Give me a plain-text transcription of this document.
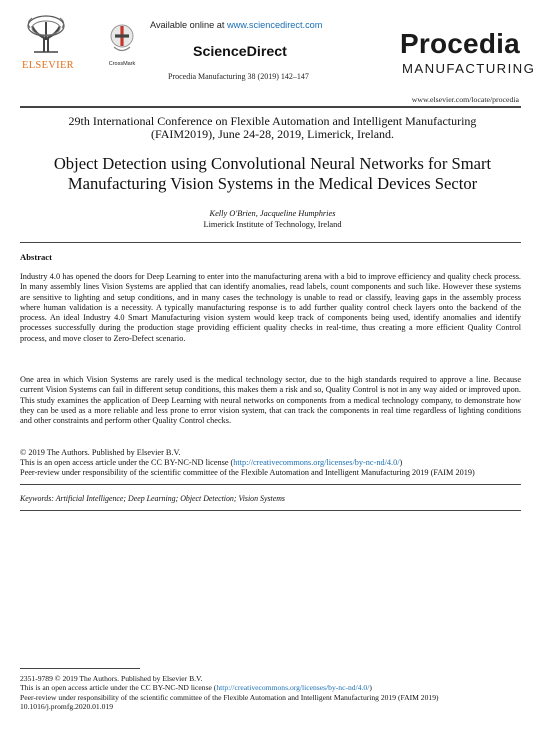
ELSEVIER	CrossMark
Available online at www.sciencedirect.com
ScienceDirect
Procedia Manufacturing 38 (2019) 142–147
Procedia
MANUFACTURING
www.elsevier.com/locate/procedia
29th International Conference on Flexible Automation and Intelligent Manufacturing
(FAIM2019), June 24-28, 2019, Limerick, Ireland.
Object Detection using Convolutional Neural Networks for Smart
Manufacturing Vision Systems in the Medical Devices Sector
Kelly O'Brien, Jacqueline Humphries
Limerick Institute of Technology, Ireland
Abstract
Industry 4.0 has opened the doors for Deep Learning to enter into the manufacturing arena with a bid to improve efficiency and quality check process. In many assembly lines Vision Systems are applied that can identify anomalies, read labels, count components and such like. However these systems are sensitive to lighting and setup conditions, and in many cases the technology is unable to read or classify, leaving gaps in the assembly process where human validation is a necessity. A typically manufacturing response is to add further quality control check layers onto the backend of the process. An ideal Industry 4.0 Smart Manufacturing vision system would keep track of components being used, identify anomalies and identify processes successfully during the production stage providing efficient quality checks in real-time, thus creating a more efficient Quality Control process, and move closer to Zero-Defect scenario.
One area in which Vision Systems are rarely used is the medical technology sector, due to the high standards required to approve a line. Because current Vision Systems can fail in different setup conditions, this makes them a risk and so, Quality Control is not in any way aided or improved upon. This study examines the application of Deep Learning with neural networks on components from a medical technology company, to demonstrate how they can be used as a more reliable and less prone to error vision system, that can track the components in real time regardless of lighting conditions and other constraints and perform other Quality Control checks.
© 2019 The Authors. Published by Elsevier B.V.
This is an open access article under the CC BY-NC-ND license (http://creativecommons.org/licenses/by-nc-nd/4.0/)
Peer-review under responsibility of the scientific committee of the Flexible Automation and Intelligent Manufacturing 2019 (FAIM 2019)
Keywords: Artificial Intelligence; Deep Learning; Object Detection; Vision Systems
2351-9789 © 2019 The Authors. Published by Elsevier B.V.
This is an open access article under the CC BY-NC-ND license (http://creativecommons.org/licenses/by-nc-nd/4.0/)
Peer-review under responsibility of the scientific committee of the Flexible Automation and Intelligent Manufacturing 2019 (FAIM 2019)
10.1016/j.promfg.2020.01.019
